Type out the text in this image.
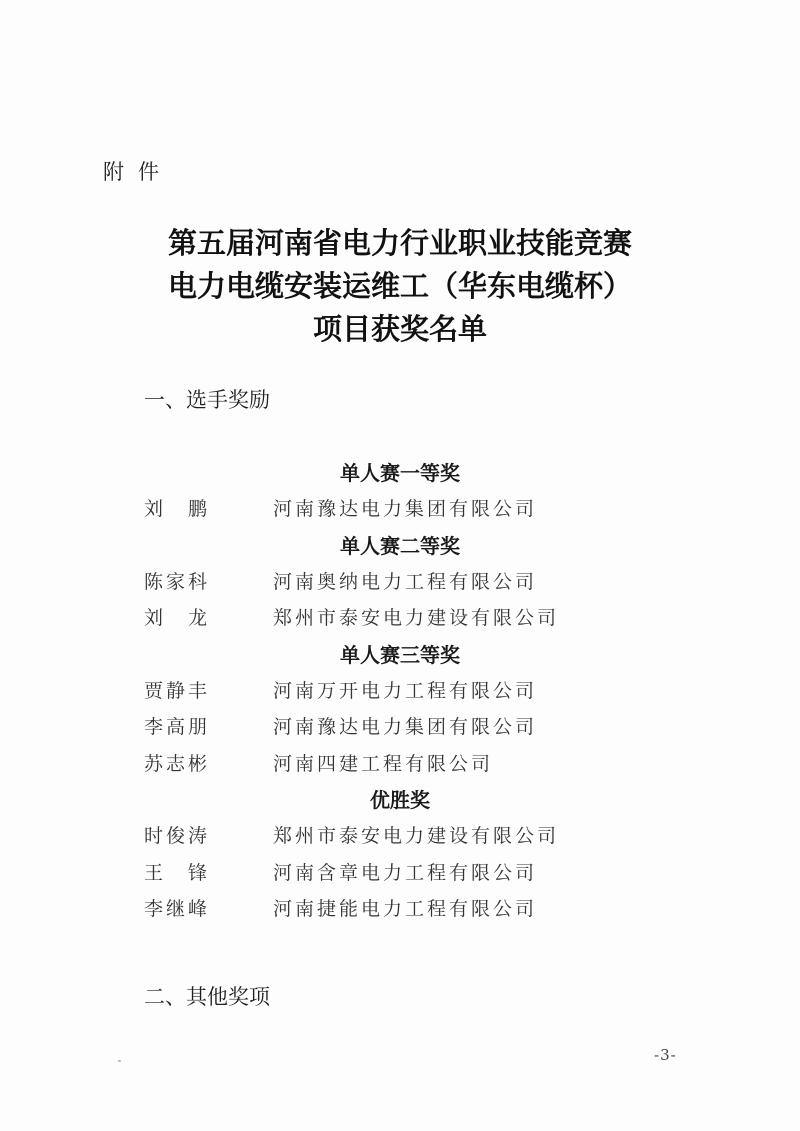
附件
第五届河南省电力行业职业技能竞赛
电力电缆安装运维工（华东电缆杯）
项目获奖名单
一、选手奖励
单人赛一等奖
刘鹏	河南豫达电力集团有限公司
单人赛二等奖
陈家科	河南奥纳电力工程有限公司
刘龙	郑州市泰安电力建设有限公司
单人赛三等奖
贾静丰	河南万开电力工程有限公司
李高朋	河南豫达电力集团有限公司
苏志彬	河南四建工程有限公司
优胜奖
时俊涛	郑州市泰安电力建设有限公司
王锋	河南含章电力工程有限公司
李继峰	河南捷能电力工程有限公司
二、其他奖项
-3-
